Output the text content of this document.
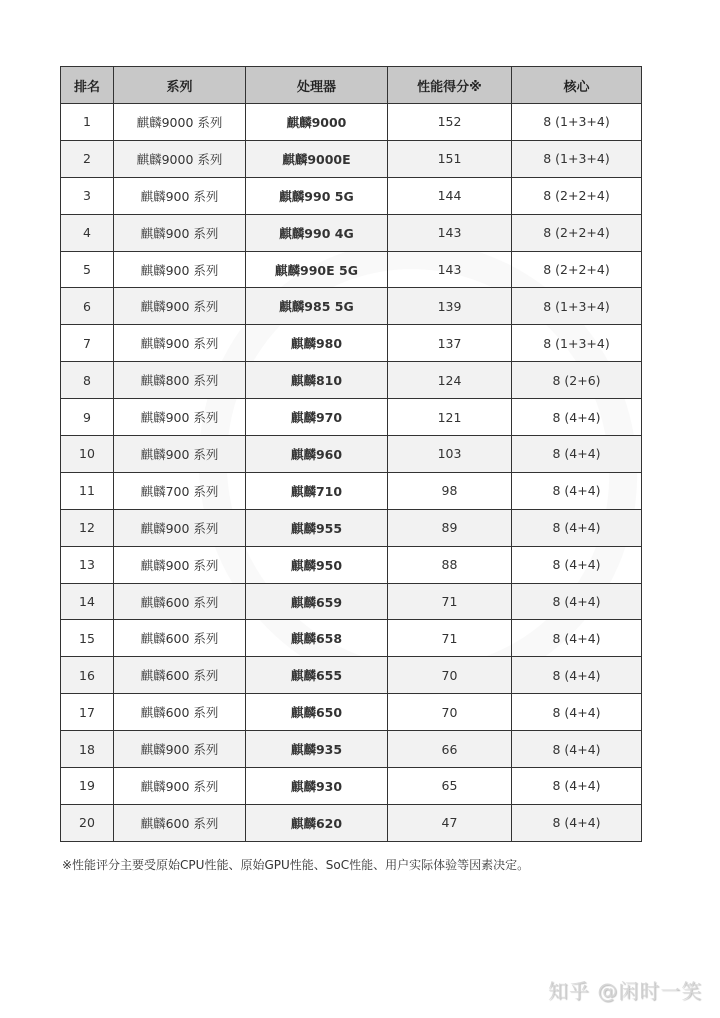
排名	系列	处理器	性能得分※	核心
1	麒麟9000 系列	麒麟9000	152	8 (1+3+4)
2	麒麟9000 系列	麒麟9000E	151	8 (1+3+4)
3	麒麟900 系列	麒麟990 5G	144	8 (2+2+4)
4	麒麟900 系列	麒麟990 4G	143	8 (2+2+4)
5	麒麟900 系列	麒麟990E 5G	143	8 (2+2+4)
6	麒麟900 系列	麒麟985 5G	139	8 (1+3+4)
7	麒麟900 系列	麒麟980	137	8 (1+3+4)
8	麒麟800 系列	麒麟810	124	8 (2+6)
9	麒麟900 系列	麒麟970	121	8 (4+4)
10	麒麟900 系列	麒麟960	103	8 (4+4)
11	麒麟700 系列	麒麟710	98	8 (4+4)
12	麒麟900 系列	麒麟955	89	8 (4+4)
13	麒麟900 系列	麒麟950	88	8 (4+4)
14	麒麟600 系列	麒麟659	71	8 (4+4)
15	麒麟600 系列	麒麟658	71	8 (4+4)
16	麒麟600 系列	麒麟655	70	8 (4+4)
17	麒麟600 系列	麒麟650	70	8 (4+4)
18	麒麟900 系列	麒麟935	66	8 (4+4)
19	麒麟900 系列	麒麟930	65	8 (4+4)
20	麒麟600 系列	麒麟620	47	8 (4+4)
※性能评分主要受原始CPU性能、原始GPU性能、SoC性能、用户实际体验等因素决定。
知乎 @闲时一笑
